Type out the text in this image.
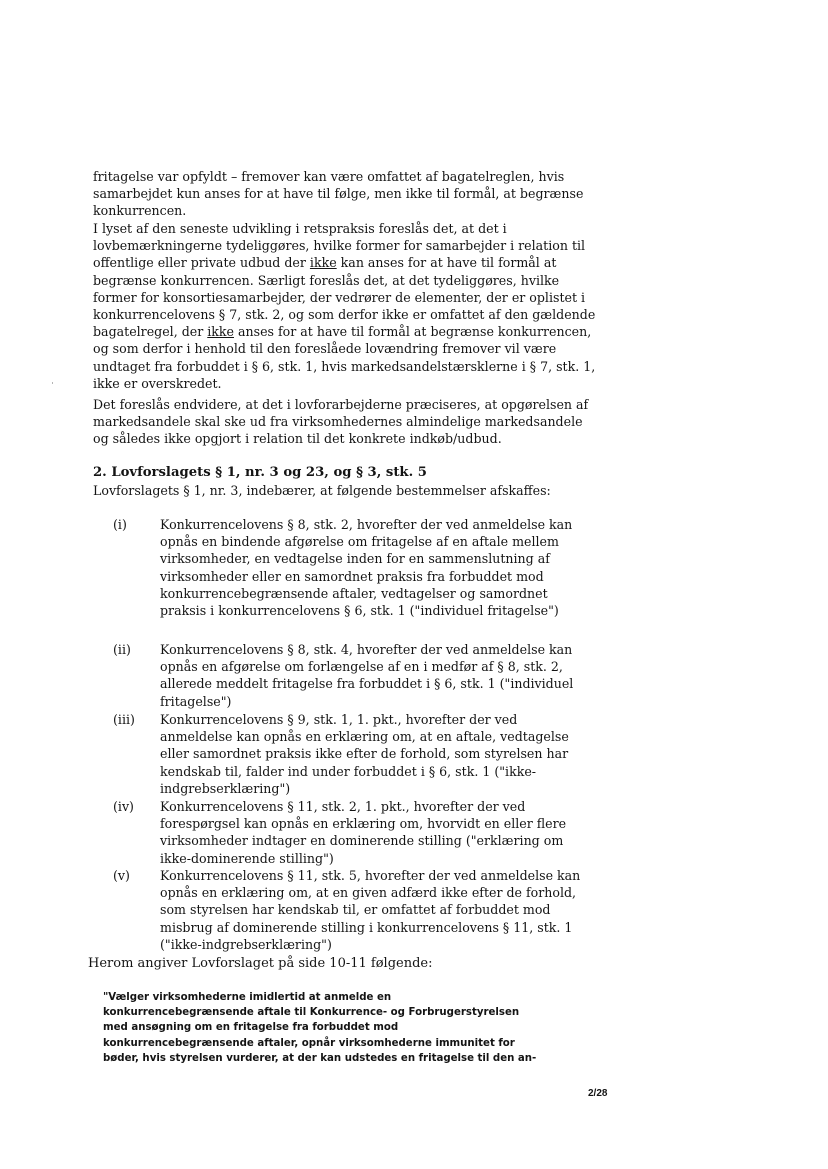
fritagelse var opfyldt – fremover kan være omfattet af bagatelreglen, hvis samarbejdet kun anses for at have til følge, men ikke til formål, at begrænse konkurrencen.

I lyset af den seneste udvikling i retspraksis foreslås det, at det i lovbemærkningerne tydeliggøres, hvilke former for samarbejder i relation til offentlige eller private udbud der ikke kan anses for at have til formål at begrænse konkurrencen. Særligt foreslås det, at det tydeliggøres, hvilke former for konsortiesamarbejder, der vedrører de elementer, der er oplistet i konkurrencelovens § 7, stk. 2, og som derfor ikke er omfattet af den gældende bagatelregel, der ikke anses for at have til formål at begrænse konkurrencen, og som derfor i henhold til den foreslåede lovændring fremover vil være undtaget fra forbuddet i § 6, stk. 1, hvis markedsandelstærsklerne i § 7, stk. 1, ikke er overskredet.

Det foreslås endvidere, at det i lovforarbejderne præciseres, at opgørelsen af markedsandele skal ske ud fra virksomhedernes almindelige markedsandele og således ikke opgjort i relation til det konkrete indkøb/udbud.

2. Lovforslagets § 1, nr. 3 og 23, og § 3, stk. 5

Lovforslagets § 1, nr. 3, indebærer, at følgende bestemmelser afskaffes:

(i)	Konkurrencelovens § 8, stk. 2, hvorefter der ved anmeldelse kan opnås en bindende afgørelse om fritagelse af en aftale mellem virksomheder, en vedtagelse inden for en sammenslutning af virksomheder eller en samordnet praksis fra forbuddet mod konkurrencebegrænsende aftaler, vedtagelser og samordnet praksis i konkurrencelovens § 6, stk. 1 ("individuel fritagelse")
(ii) Konkurrencelovens § 8, stk. 4, hvorefter der ved anmeldelse kan opnås en afgørelse om forlængelse af en i medfør af § 8, stk. 2, allerede meddelt fritagelse fra forbuddet i § 6, stk. 1 ("individuel fritagelse")
(iii) Konkurrencelovens § 9, stk. 1, 1. pkt., hvorefter der ved anmeldelse kan opnås en erklæring om, at en aftale, vedtagelse eller samordnet praksis ikke efter de forhold, som styrelsen har kendskab til, falder ind under forbuddet i § 6, stk. 1 ("ikke-indgrebserklæring")
(iv) Konkurrencelovens § 11, stk. 2, 1. pkt., hvorefter der ved forespørgsel kan opnås en erklæring om, hvorvidt en eller flere virksomheder indtager en dominerende stilling ("erklæring om ikke-dominerende stilling")
(v) Konkurrencelovens § 11, stk. 5, hvorefter der ved anmeldelse kan opnås en erklæring om, at en given adfærd ikke efter de forhold, som styrelsen har kendskab til, er omfattet af forbuddet mod misbrug af dominerende stilling i konkurrencelovens § 11, stk. 1 ("ikke-indgrebserklæring")

Herom angiver Lovforslaget på side 10-11 følgende:

"Vælger virksomhederne imidlertid at anmelde en konkurrencebegrænsende aftale til Konkurrence- og Forbrugerstyrelsen med ansøgning om en fritagelse fra forbuddet mod konkurrencebegrænsende aftaler, opnår virksomhederne immunitet for bøder, hvis styrelsen vurderer, at der kan udstedes en fritagelse til den an-

2/28
